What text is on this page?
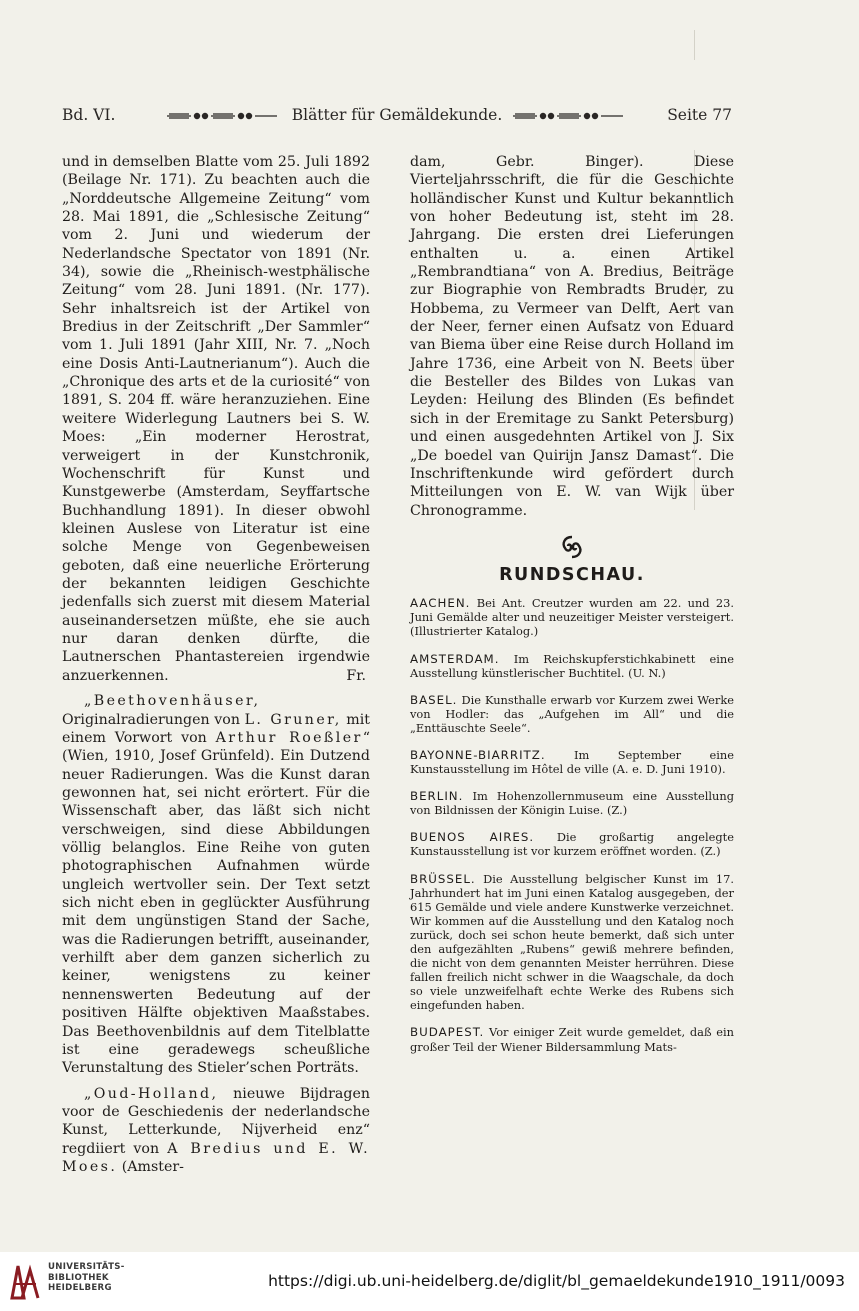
Bd. VI.	Blätter für Gemäldekunde.	Seite 77

und in demselben Blatte vom 25. Juli 1892 (Beilage Nr. 171). Zu beachten auch die „Norddeutsche Allgemeine Zeitung“ vom 28. Mai 1891, die „Schlesische Zeitung“ vom 2. Juni und wiederum der Nederlandsche Spectator von 1891 (Nr. 34), sowie die „Rheinisch-westphälische Zeitung“ vom 28. Juni 1891. (Nr. 177). Sehr inhaltsreich ist der Artikel von Bredius in der Zeitschrift „Der Sammler“ vom 1. Juli 1891 (Jahr XIII, Nr. 7. „Noch eine Dosis Anti-Lautnerianum“). Auch die „Chronique des arts et de la curiosité“ von 1891, S. 204 ff. wäre heranzuziehen. Eine weitere Widerlegung Lautners bei S. W. Moes: „Ein moderner Herostrat, verweigert in der Kunstchronik, Wochenschrift für Kunst und Kunstgewerbe (Amsterdam, Seyffartsche Buchhandlung 1891). In dieser obwohl kleinen Auslese von Literatur ist eine solche Menge von Gegenbeweisen geboten, daß eine neuerliche Erörterung der bekannten leidigen Geschichte jedenfalls sich zuerst mit diesem Material auseinandersetzen müßte, ehe sie auch nur daran denken dürfte, die Lautnerschen Phantastereien irgendwie anzuerkennen.	Fr.

„Beethovenhäuser, Originalradierungen von L. Gruner, mit einem Vorwort von Arthur Roeßler“ (Wien, 1910, Josef Grünfeld). Ein Dutzend neuer Radierungen. Was die Kunst daran gewonnen hat, sei nicht erörtert. Für die Wissenschaft aber, das läßt sich nicht verschweigen, sind diese Abbildungen völlig belanglos. Eine Reihe von guten photographischen Aufnahmen würde ungleich wertvoller sein. Der Text setzt sich nicht eben in geglückter Ausführung mit dem ungünstigen Stand der Sache, was die Radierungen betrifft, auseinander, verhilft aber dem ganzen sicherlich zu keiner, wenigstens zu keiner nennenswerten Bedeutung auf der positiven Hälfte objektiven Maaßstabes. Das Beethovenbildnis auf dem Titelblatte ist eine geradewegs scheußliche Verunstaltung des Stieler’schen Porträts.

„Oud-Holland, nieuwe Bijdragen voor de Geschiedenis der nederlandsche Kunst, Letterkunde, Nijverheid enz“ regdiiert von A Bredius und E. W. Moes. (Amster-

dam, Gebr. Binger). Diese Vierteljahrsschrift, die für die Geschichte holländischer Kunst und Kultur bekanntlich von hoher Bedeutung ist, steht im 28. Jahrgang. Die ersten drei Lieferungen enthalten u. a. einen Artikel „Rembrandtiana“ von A. Bredius, Beiträge zur Biographie von Rembradts Bruder, zu Hobbema, zu Vermeer van Delft, Aert van der Neer, ferner einen Aufsatz von Eduard van Biema über eine Reise durch Holland im Jahre 1736, eine Arbeit von N. Beets über die Besteller des Bildes von Lukas van Leyden: Heilung des Blinden (Es befindet sich in der Eremitage zu Sankt Petersburg) und einen ausgedehnten Artikel von J. Six „De boedel van Quirijn Jansz Damast“. Die Inschriftenkunde wird gefördert durch Mitteilungen von E. W. van Wijk über Chronogramme.

RUNDSCHAU.

AACHEN. Bei Ant. Creutzer wurden am 22. und 23. Juni Gemälde alter und neuzeitiger Meister versteigert. (Illustrierter Katalog.)

AMSTERDAM. Im Reichskupferstichkabinett eine Ausstellung künstlerischer Buchtitel. (U. N.)

BASEL. Die Kunsthalle erwarb vor Kurzem zwei Werke von Hodler: das „Aufgehen im All“ und die „Enttäuschte Seele“.

BAYONNE-BIARRITZ. Im September eine Kunstausstellung im Hôtel de ville (A. e. D. Juni 1910).

BERLIN. Im Hohenzollernmuseum eine Ausstellung von Bildnissen der Königin Luise. (Z.)

BUENOS AIRES. Die großartig angelegte Kunstausstellung ist vor kurzem eröffnet worden. (Z.)

BRÜSSEL. Die Ausstellung belgischer Kunst im 17. Jahrhundert hat im Juni einen Katalog ausgegeben, der 615 Gemälde und viele andere Kunstwerke verzeichnet. Wir kommen auf die Ausstellung und den Katalog noch zurück, doch sei schon heute bemerkt, daß sich unter den aufgezählten „Rubens“ gewiß mehrere befinden, die nicht von dem genannten Meister herrühren. Diese fallen freilich nicht schwer in die Waagschale, da doch so viele unzweifelhaft echte Werke des Rubens sich eingefunden haben.

BUDAPEST. Vor einiger Zeit wurde gemeldet, daß ein großer Teil der Wiener Bildersammlung Mats-

UNIVERSITÄTS-
BIBLIOTHEK
HEIDELBERG	https://digi.ub.uni-heidelberg.de/diglit/bl_gemaeldekunde1910_1911/0093
